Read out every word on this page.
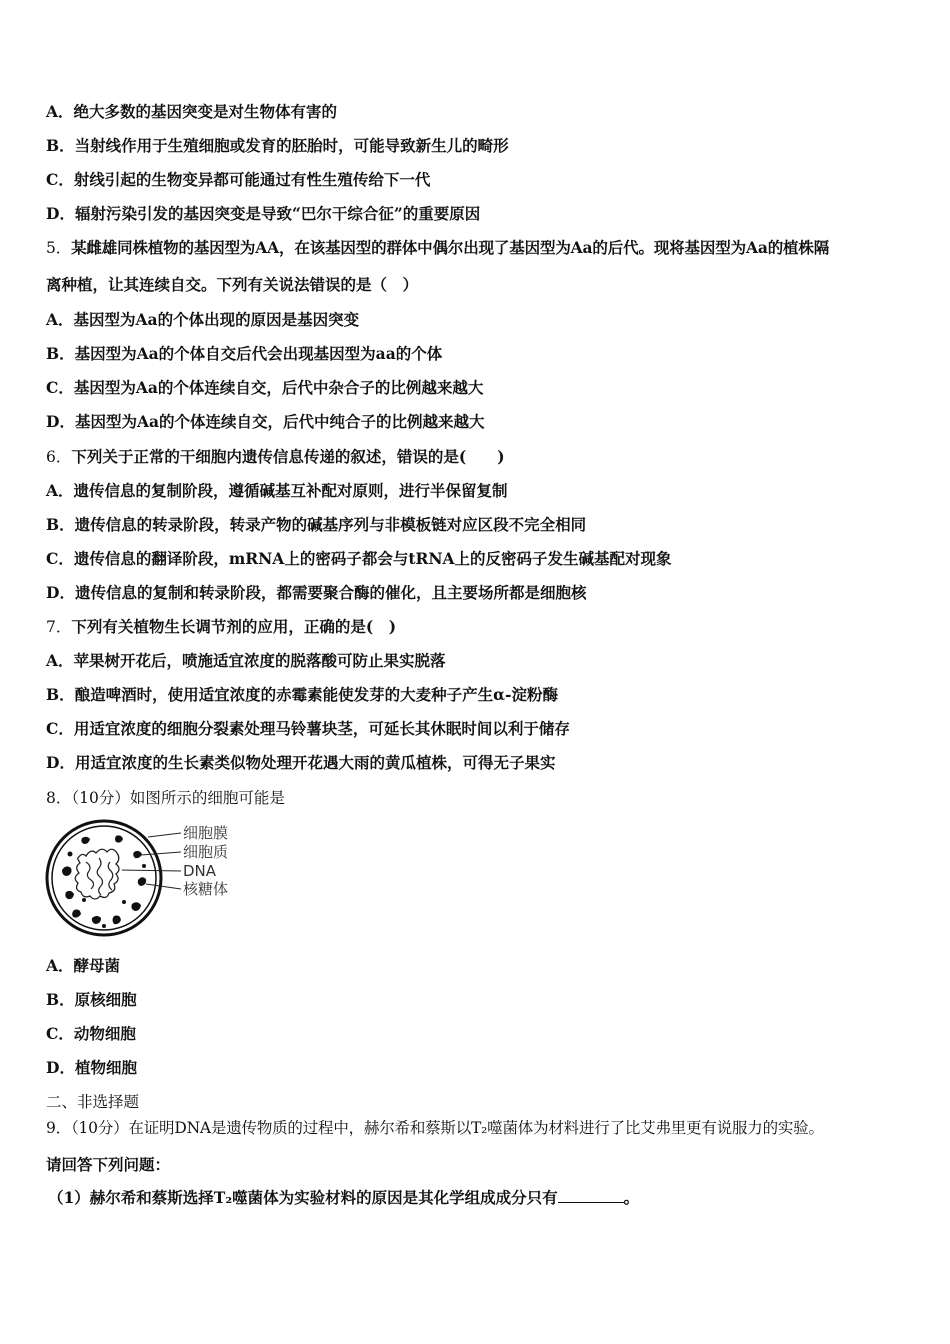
A．绝大多数的基因突变是对生物体有害的
B．当射线作用于生殖细胞或发育的胚胎时，可能导致新生儿的畸形
C．射线引起的生物变异都可能通过有性生殖传给下一代
D．辐射污染引发的基因突变是导致“巴尔干综合征”的重要原因
5．某雌雄同株植物的基因型为AA，在该基因型的群体中偶尔出现了基因型为Aa的后代。现将基因型为Aa的植株隔
离种植，让其连续自交。下列有关说法错误的是（　）
A．基因型为Aa的个体出现的原因是基因突变
B．基因型为Aa的个体自交后代会出现基因型为aa的个体
C．基因型为Aa的个体连续自交，后代中杂合子的比例越来越大
D．基因型为Aa的个体连续自交，后代中纯合子的比例越来越大
6．下列关于正常的干细胞内遗传信息传递的叙述，错误的是(　　)
A．遗传信息的复制阶段，遵循碱基互补配对原则，进行半保留复制
B．遗传信息的转录阶段，转录产物的碱基序列与非模板链对应区段不完全相同
C．遗传信息的翻译阶段，mRNA上的密码子都会与tRNA上的反密码子发生碱基配对现象
D．遗传信息的复制和转录阶段，都需要聚合酶的催化，且主要场所都是细胞核
7．下列有关植物生长调节剂的应用，正确的是(　)
A．苹果树开花后，喷施适宜浓度的脱落酸可防止果实脱落
B．酿造啤酒时，使用适宜浓度的赤霉素能使发芽的大麦种子产生α-淀粉酶
C．用适宜浓度的细胞分裂素处理马铃薯块茎，可延长其休眠时间以利于储存
D．用适宜浓度的生长素类似物处理开花遇大雨的黄瓜植株，可得无子果实
8．（10分）如图所示的细胞可能是
细胞膜
细胞质
DNA
核糖体
A．酵母菌
B．原核细胞
C．动物细胞
D．植物细胞
二、非选择题
9．（10分）在证明DNA是遗传物质的过程中，赫尔希和蔡斯以T₂噬菌体为材料进行了比艾弗里更有说服力的实验。
请回答下列问题：
（1）赫尔希和蔡斯选择T₂噬菌体为实验材料的原因是其化学组成成分只有	。
